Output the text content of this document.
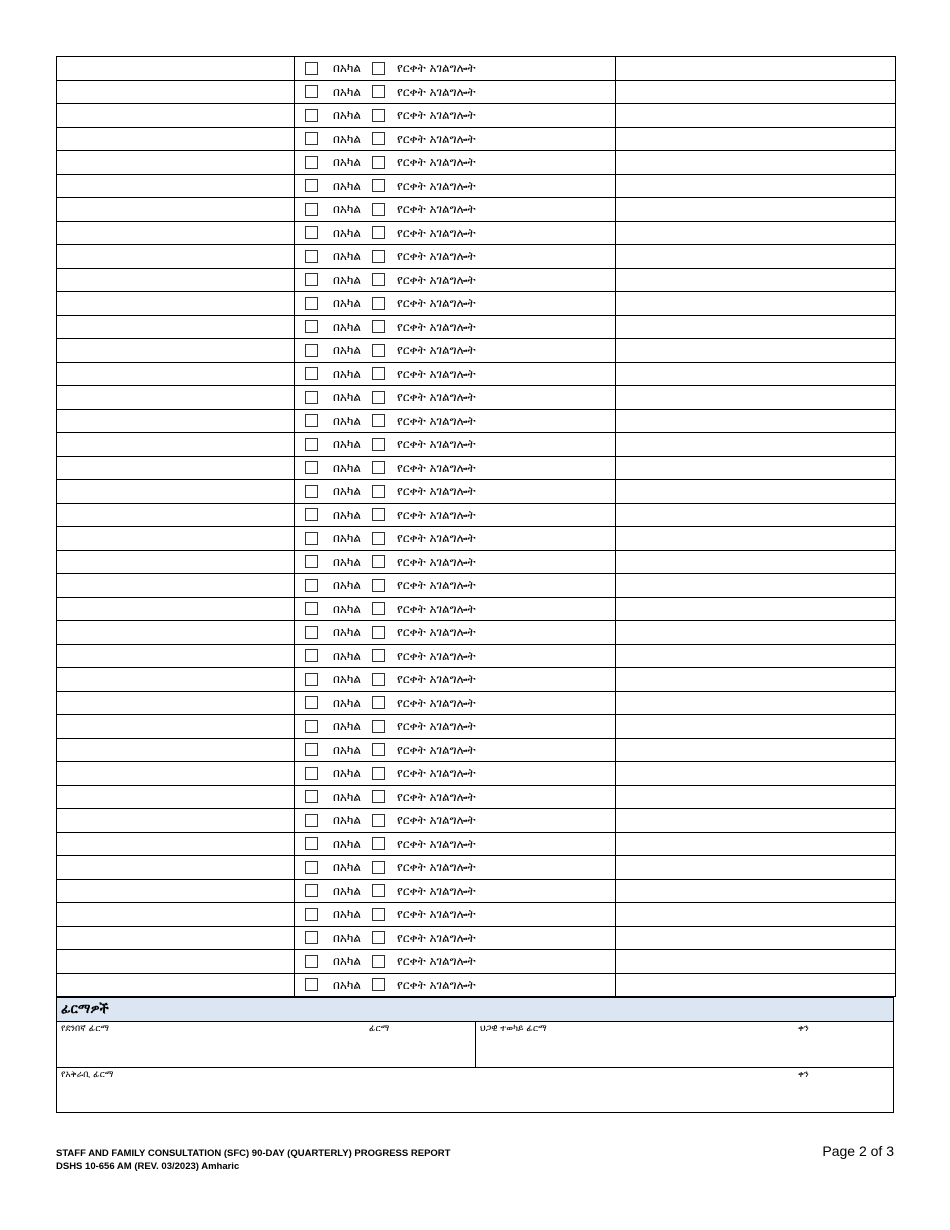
	በአካል የርቀት አገልግሎት	

	በአካል የርቀት አገልግሎት	

	በአካል የርቀት አገልግሎት	

	በአካል የርቀት አገልግሎት	

	በአካል የርቀት አገልግሎት	

	በአካል የርቀት አገልግሎት	

	በአካል የርቀት አገልግሎት	

	በአካል የርቀት አገልግሎት	

	በአካል የርቀት አገልግሎት	

	በአካል የርቀት አገልግሎት	

	በአካል የርቀት አገልግሎት	

	በአካል የርቀት አገልግሎት	

	በአካል የርቀት አገልግሎት	

	በአካል የርቀት አገልግሎት	

	በአካል የርቀት አገልግሎት	

	በአካል የርቀት አገልግሎት	

	በአካል የርቀት አገልግሎት	

	በአካል የርቀት አገልግሎት	

	በአካል የርቀት አገልግሎት	

	በአካል የርቀት አገልግሎት	

	በአካል የርቀት አገልግሎት	

	በአካል የርቀት አገልግሎት	

	በአካል የርቀት አገልግሎት	

	በአካል የርቀት አገልግሎት	

	በአካል የርቀት አገልግሎት	

	በአካል የርቀት አገልግሎት	

	በአካል የርቀት አገልግሎት	

	በአካል የርቀት አገልግሎት	

	በአካል የርቀት አገልግሎት	

	በአካል የርቀት አገልግሎት	

	በአካል የርቀት አገልግሎት	

	በአካል የርቀት አገልግሎት	

	በአካል የርቀት አገልግሎት	

	በአካል የርቀት አገልግሎት	

	በአካል የርቀት አገልግሎት	

	በአካል የርቀት አገልግሎት	

	በአካል የርቀት አገልግሎት	

	በአካል የርቀት አገልግሎት	

	በአካል የርቀት አገልግሎት	

	በአካል የርቀት አገልግሎት	

ፊርማዎች
የደንበኛ ፊርማ	ፊርማ	ህጋዊ ተወካይ ፊርማ	ቀን
የአቅራቢ ፊርማ	ቀን
STAFF AND FAMILY CONSULTATION (SFC) 90-DAY (QUARTERLY) PROGRESS REPORT
DSHS 10-656 AM (REV. 03/2023) Amharic
Page 2 of 3
